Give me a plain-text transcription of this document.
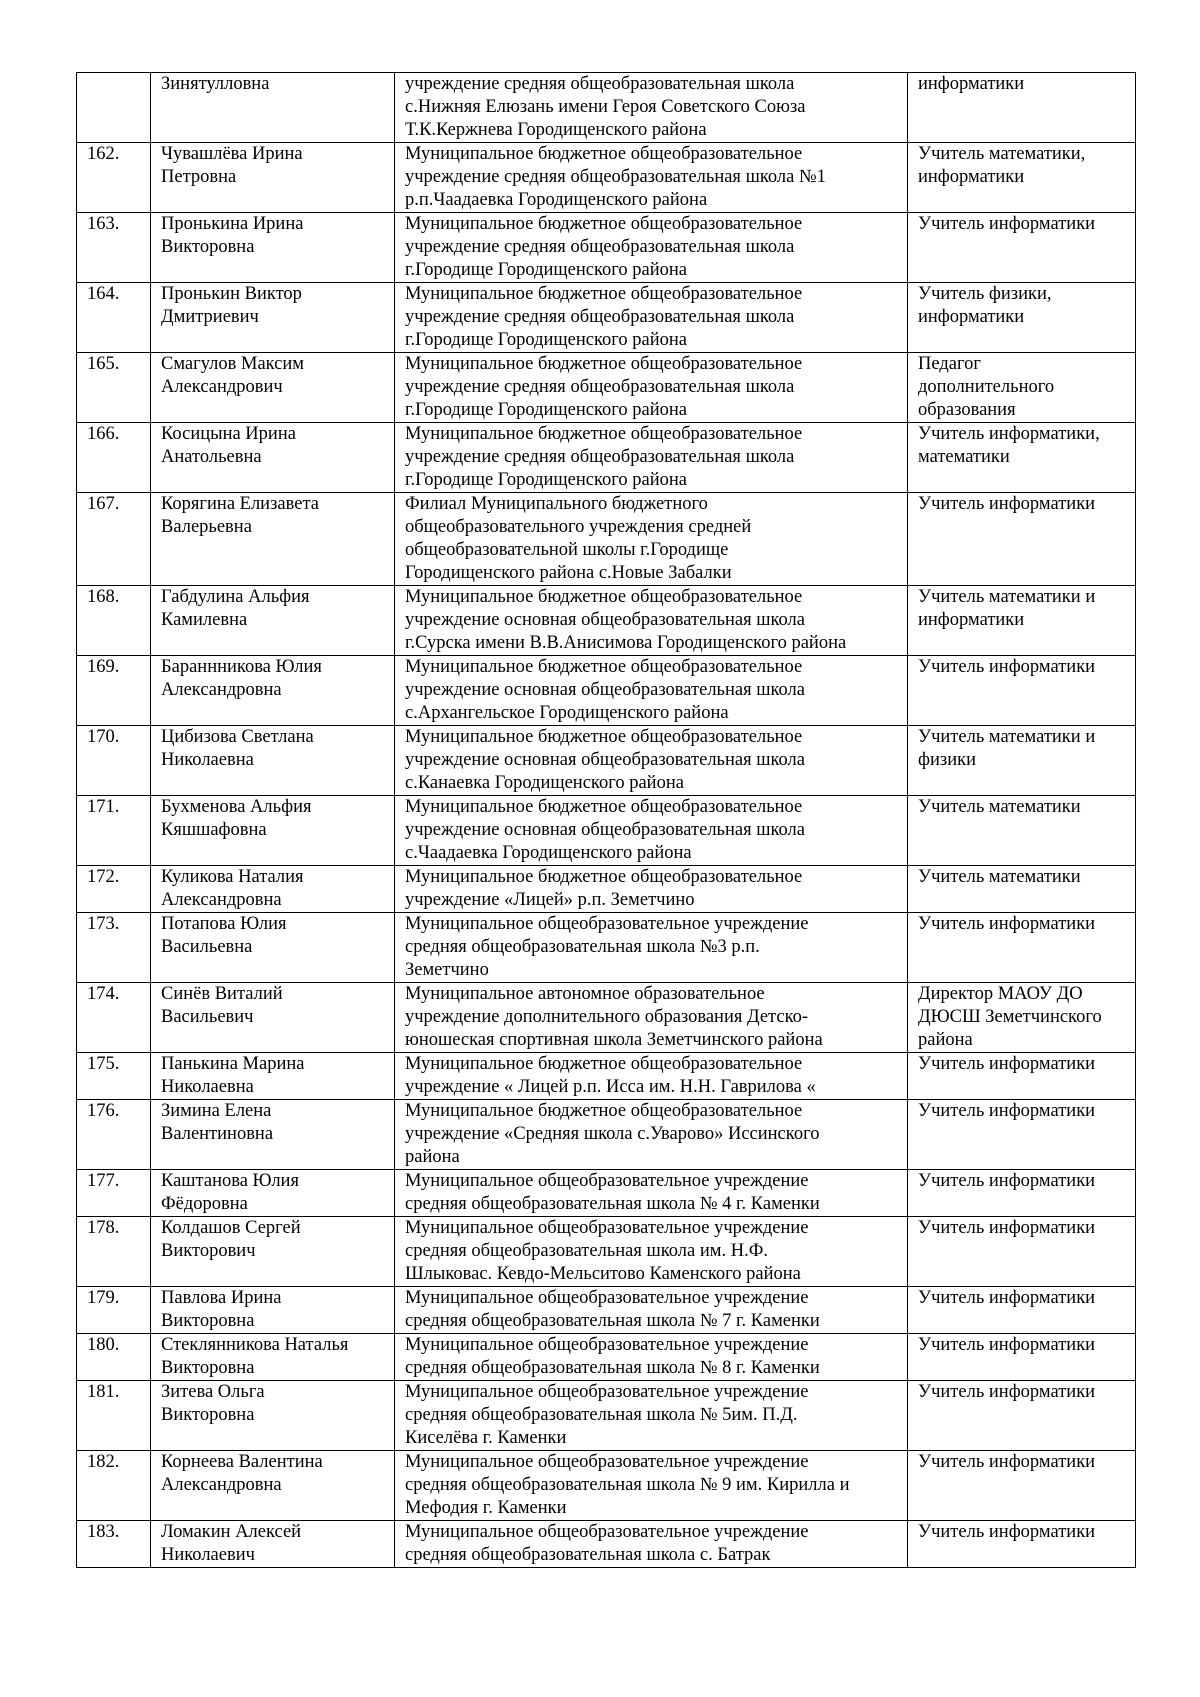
	Зинятулловна	учреждение средняя общеобразовательная школа
с.Нижняя Елюзань имени Героя Советского Союза
Т.К.Кержнева Городищенского района	информатики
162.	Чувашлёва Ирина
Петровна	Муниципальное бюджетное общеобразовательное
учреждение средняя общеобразовательная школа №1
р.п.Чаадаевка Городищенского района	Учитель математики,
информатики
163.	Пронькина Ирина
Викторовна	Муниципальное бюджетное общеобразовательное
учреждение средняя общеобразовательная школа
г.Городище Городищенского района	Учитель информатики
164.	Пронькин Виктор
Дмитриевич	Муниципальное бюджетное общеобразовательное
учреждение средняя общеобразовательная школа
г.Городище Городищенского района	Учитель физики,
информатики
165.	Смагулов Максим
Александрович	Муниципальное бюджетное общеобразовательное
учреждение средняя общеобразовательная школа
г.Городище Городищенского района	Педагог
дополнительного
образования
166.	Косицына Ирина
Анатольевна	Муниципальное бюджетное общеобразовательное
учреждение средняя общеобразовательная школа
г.Городище Городищенского района	Учитель информатики,
математики
167.	Корягина Елизавета
Валерьевна	Филиал Муниципального бюджетного
общеобразовательного учреждения средней
общеобразовательной школы г.Городище
Городищенского района с.Новые Забалки	Учитель информатики
168.	Габдулина Альфия
Камилевна	Муниципальное бюджетное общеобразовательное
учреждение основная общеобразовательная школа
г.Сурска имени В.В.Анисимова Городищенского района	Учитель математики и
информатики
169.	Бараннникова Юлия
Александровна	Муниципальное бюджетное общеобразовательное
учреждение основная общеобразовательная школа
с.Архангельское Городищенского района	Учитель информатики
170.	Цибизова Светлана
Николаевна	Муниципальное бюджетное общеобразовательное
учреждение основная общеобразовательная школа
с.Канаевка Городищенского района	Учитель математики и
физики
171.	Бухменова Альфия
Кяшшафовна	Муниципальное бюджетное общеобразовательное
учреждение основная общеобразовательная школа
с.Чаадаевка Городищенского района	Учитель математики
172.	Куликова Наталия
Александровна	Муниципальное бюджетное общеобразовательное
учреждение «Лицей» р.п. Земетчино	Учитель математики
173.	Потапова Юлия
Васильевна	Муниципальное общеобразовательное учреждение
средняя общеобразовательная школа №3 р.п.
Земетчино	Учитель информатики
174.	Синёв Виталий
Васильевич	Муниципальное автономное образовательное
учреждение дополнительного образования Детско-
юношеская спортивная школа Земетчинского района	Директор МАОУ ДО
ДЮСШ Земетчинского
района
175.	Панькина Марина
Николаевна	Муниципальное бюджетное общеобразовательное
учреждение « Лицей р.п. Исса им. Н.Н. Гаврилова «	Учитель информатики
176.	Зимина Елена
Валентиновна	Муниципальное бюджетное общеобразовательное
учреждение «Средняя школа с.Уварово» Иссинского
района	Учитель информатики
177.	Каштанова Юлия
Фёдоровна	Муниципальное общеобразовательное учреждение
средняя общеобразовательная школа № 4 г. Каменки	Учитель информатики
178.	Колдашов Сергей
Викторович	Муниципальное общеобразовательное учреждение
средняя общеобразовательная школа им. Н.Ф.
Шлыковас. Кевдо-Мельситово Каменского района	Учитель информатики
179.	Павлова Ирина
Викторовна	Муниципальное общеобразовательное учреждение
средняя общеобразовательная школа № 7 г. Каменки	Учитель информатики
180.	Стеклянникова Наталья
Викторовна	Муниципальное общеобразовательное учреждение
средняя общеобразовательная школа № 8 г. Каменки	Учитель информатики
181.	Зитева Ольга
Викторовна	Муниципальное общеобразовательное учреждение
средняя общеобразовательная школа № 5им. П.Д.
Киселёва г. Каменки	Учитель информатики
182.	Корнеева Валентина
Александровна	Муниципальное общеобразовательное учреждение
средняя общеобразовательная школа № 9 им. Кирилла и
Мефодия г. Каменки	Учитель информатики
183.	Ломакин Алексей
Николаевич	Муниципальное общеобразовательное учреждение
средняя общеобразовательная школа с. Батрак	Учитель информатики
